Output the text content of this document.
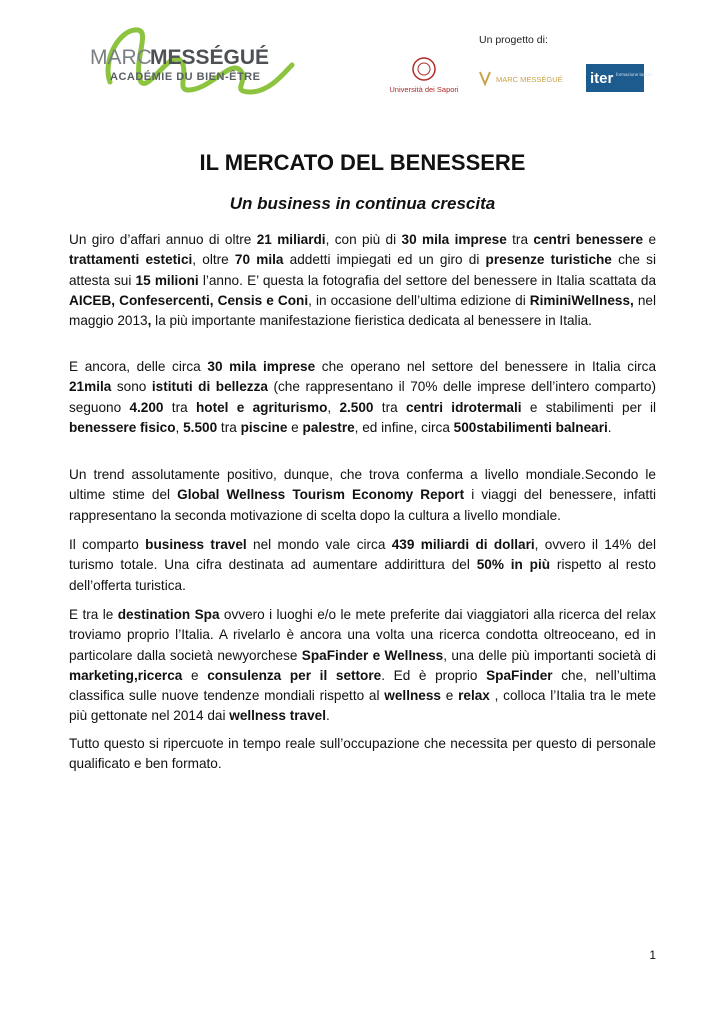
MARC
MESSÉGUÉ
ACADÉMIE DU BIEN-ÊTRE
Un progetto di:
Università dei Sapori
MARC MESSÉGUÉ iter formazione lavoro
IL MERCATO DEL BENESSERE
Un business in continua crescita
Un giro d’affari annuo di oltre 21 miliardi, con più di 30 mila imprese tra centri benessere e trattamenti estetici, oltre 70 mila addetti impiegati ed un giro di presenze turistiche che si attesta sui 15 milioni l’anno. E’ questa la fotografia del settore del benessere in Italia scattata da AICEB, Confesercenti, Censis e Coni, in occasione dell’ultima edizione di RiminiWellness, nel maggio 2013, la più importante manifestazione fieristica dedicata al benessere in Italia.
E ancora, delle circa 30 mila imprese che operano nel settore del benessere in Italia circa 21mila sono istituti di bellezza (che rappresentano il 70% delle imprese dell’intero comparto) seguono 4.200 tra hotel e agriturismo, 2.500 tra centri idrotermali e stabilimenti per il benessere fisico, 5.500 tra piscine e palestre, ed infine, circa 500stabilimenti balneari.
Un trend assolutamente positivo, dunque, che trova conferma a livello mondiale.Secondo le ultime stime del Global Wellness Tourism Economy Report i viaggi del benessere, infatti rappresentano la seconda motivazione di scelta dopo la cultura a livello mondiale.
Il comparto business travel nel mondo vale circa 439 miliardi di dollari, ovvero il 14% del turismo totale. Una cifra destinata ad aumentare addirittura del 50% in più rispetto al resto dell’offerta turistica.
E tra le destination Spa ovvero i luoghi e/o le mete preferite dai viaggiatori alla ricerca del relax troviamo proprio l’Italia. A rivelarlo è ancora una volta una ricerca condotta oltreoceano, ed in particolare dalla società newyorchese SpaFinder e Wellness, una delle più importanti società di marketing,ricerca e consulenza per il settore. Ed è proprio SpaFinder che, nell’ultima classifica sulle nuove tendenze mondiali rispetto al wellness e relax , colloca l’Italia tra le mete più gettonate nel 2014 dai wellness travel.
Tutto questo si ripercuote in tempo reale sull’occupazione che necessita per questo di personale qualificato e ben formato.
1
